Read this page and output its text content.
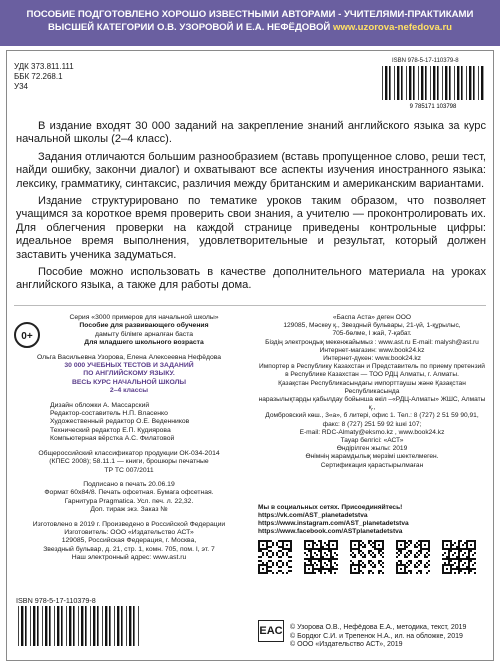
ПОСОБИЕ ПОДГОТОВЛЕНО ХОРОШО ИЗВЕСТНЫМИ АВТОРАМИ - УЧИТЕЛЯМИ-ПРАКТИКАМИ
ВЫСШЕЙ КАТЕГОРИИ О.В. УЗОРОВОЙ И Е.А. НЕФЁДОВОЙ www.uzorova-nefedova.ru
УДК 373.811.111
ББК 72.268.1
У34
ISBN 978-5-17-110379-8
9 785171 103798

В издание входят 30 000 заданий на закрепление знаний английского языка за курс начальной школы (2–4 класс).

Задания отличаются большим разнообразием (вставь пропущенное слово, реши тест, найди ошибку, закончи диалог) и охватывают все аспекты изучения иностранного языка: лексику, грамматику, синтаксис, различия между британским и американским вариантами.

Издание структурировано по тематике уроков таким образом, что позволяет учащимся за короткое время проверить свои знания, а учителю — проконтролировать их. Для облегчения проверки на каждой странице приведены контрольные цифры: идеальное время выполнения, удовлетворительные и результат, который должен заставить ученика задуматься.

Пособие можно использовать в качестве дополнительного материала на уроках английского языка, а также для работы дома.

Серия «3000 примеров для начальной школы»
Пособие для развивающего обучения
дамыту білімге арналған баста
Для младшего школьного возраста
Ольга Васильевна Узорова, Елена Алексеевна Нефёдова
30 000 УЧЕБНЫХ ТЕСТОВ И ЗАДАНИЙ
ПО АНГЛИЙСКОМУ ЯЗЫКУ.
ВЕСЬ КУРС НАЧАЛЬНОЙ ШКОЛЫ
2–4 классы
Дизайн обложки А. Массарский
Редактор-составитель Н.П. Власенко
Художественный редактор О.Е. Веденников
Технический редактор Е.П. Кудиярова
Компьютерная вёрстка А.С. Филатовой
Общероссийский классификатор продукции ОК-034-2014
(КПЕС 2008); 58.11.1 — книги, брошюры печатные
ТР ТС 007/2011
Подписано в печать 20.06.19
Формат 60х84/8. Печать офсетная. Бумага офсетная.
Гарнитура Pragmatica. Усл. печ. л. 22,32.
Доп. тираж экз. Заказ №
Изготовлено в 2019 г. Произведено в Российской Федерации
Изготовитель: ООО «Издательство АСТ»
129085, Российская Федерация, г. Москва,
Звездный бульвар, д. 21, стр. 1, комн. 705, пом. I, эт. 7
Наш электронный адрес: www.ast.ru
0+
«Баспа Аста» деген ООО
129085, Мәскеу қ., Звездный бульвары, 21-үй, 1-құрылыс,
705-бөлме, I жай, 7-қабат.
Біздің электрондық мекенжайымыз : www.ast.ru E-mail: malysh@ast.ru
Интернет-магазин: www.book24.kz
Интернет-дүкен: www.book24.kz
Импортер в Республику Казахстан и Представитель по приему претензий
в Республике Казахстан — ТОО РДЦ Алматы, г. Алматы.
Қазақстан Республикасындағы импорттаушы және Қазақстан Республикасында
наразылықтарды қабылдау бойынша өкіл –«РДЦ-Алматы» ЖШС, Алматы қ.,
Домбровский көш., 3«а», б литері, офис 1. Тел.: 8 (727) 2 51 59 90,91,
факс: 8 (727) 251 59 92 ішкі 107;
E-mail: RDC-Almaty@eksmo.kz , www.book24.kz
Тауар белгісі: «АСТ»
Өндірілген жылы: 2019
Өнімнің жарамдылық мерзімі шектелмеген.
Сертификация қарастырылмаған
Мы в социальных сетях. Присоединяйтесь!
https://vk.com/AST_planetadetstva
https://www.instagram.com/AST_planetadetstva
https://www.facebook.com/ASTplanetadetstva
EAC © Узорова О.В., Нефёдова Е.А., методика, текст, 2019
© Бордюг С.И. и Трепенок Н.А., ил. на обложке, 2019
© ООО «Издательство АСТ», 2019
ISBN 978-5-17-110379-8
